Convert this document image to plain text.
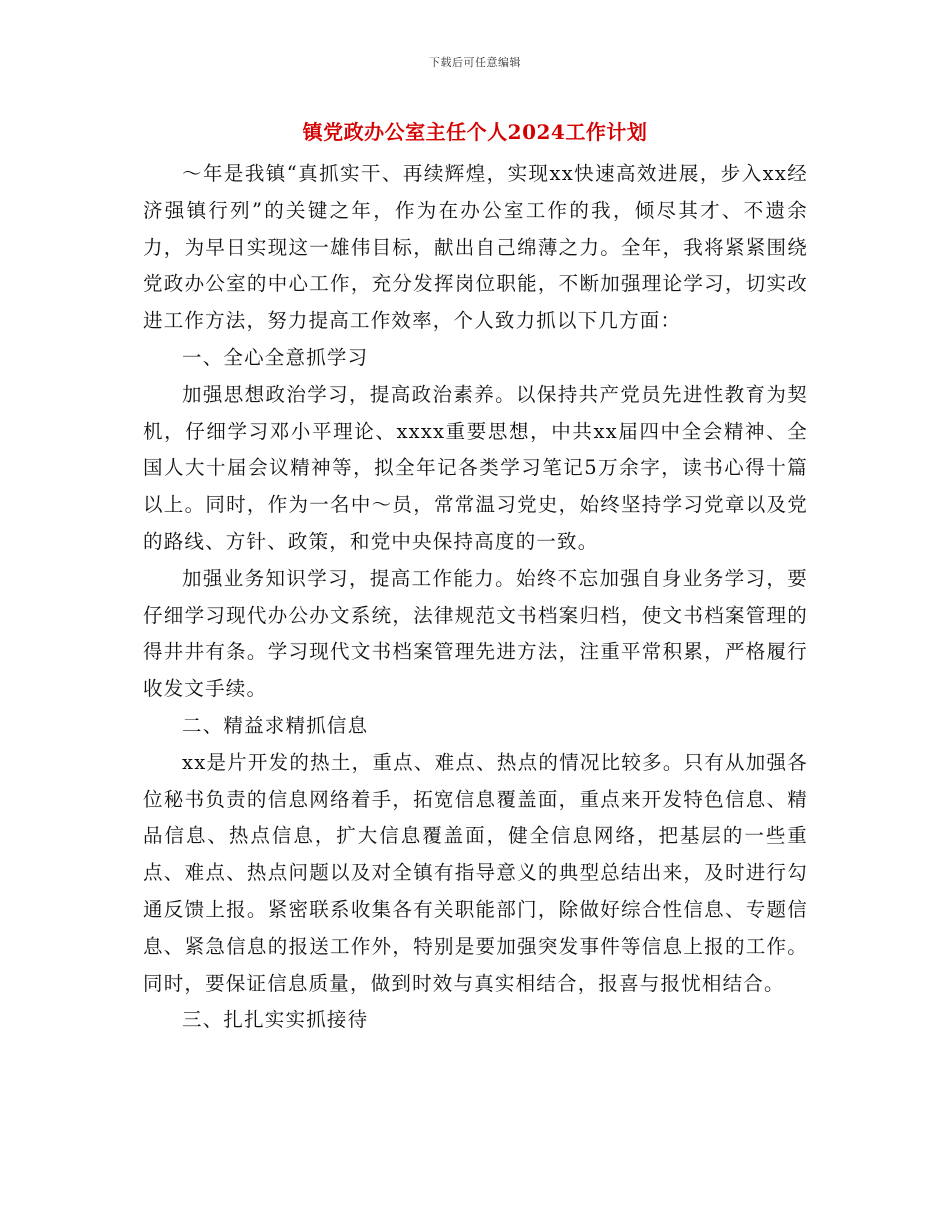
下载后可任意编辑
镇党政办公室主任个人2024工作计划

～年是我镇“真抓实干、再续辉煌，实现xx快速高效进展，步入xx经济强镇行列”的关键之年，作为在办公室工作的我，倾尽其才、不遗余力，为早日实现这一雄伟目标，献出自己绵薄之力。全年，我将紧紧围绕党政办公室的中心工作，充分发挥岗位职能，不断加强理论学习，切实改进工作方法，努力提高工作效率，个人致力抓以下几方面：

一、全心全意抓学习

加强思想政治学习，提高政治素养。以保持共产党员先进性教育为契机，仔细学习邓小平理论、xxxx重要思想，中共xx届四中全会精神、全国人大十届会议精神等，拟全年记各类学习笔记5万余字，读书心得十篇以上。同时，作为一名中～员，常常温习党史，始终坚持学习党章以及党的路线、方针、政策，和党中央保持高度的一致。

加强业务知识学习，提高工作能力。始终不忘加强自身业务学习，要仔细学习现代办公办文系统，法律规范文书档案归档，使文书档案管理的得井井有条。学习现代文书档案管理先进方法，注重平常积累，严格履行收发文手续。

二、精益求精抓信息

xx是片开发的热土，重点、难点、热点的情况比较多。只有从加强各位秘书负责的信息网络着手，拓宽信息覆盖面，重点来开发特色信息、精品信息、热点信息，扩大信息覆盖面，健全信息网络，把基层的一些重点、难点、热点问题以及对全镇有指导意义的典型总结出来，及时进行勾通反馈上报。紧密联系收集各有关职能部门，除做好综合性信息、专题信息、紧急信息的报送工作外，特别是要加强突发事件等信息上报的工作。同时，要保证信息质量，做到时效与真实相结合，报喜与报忧相结合。

三、扎扎实实抓接待
